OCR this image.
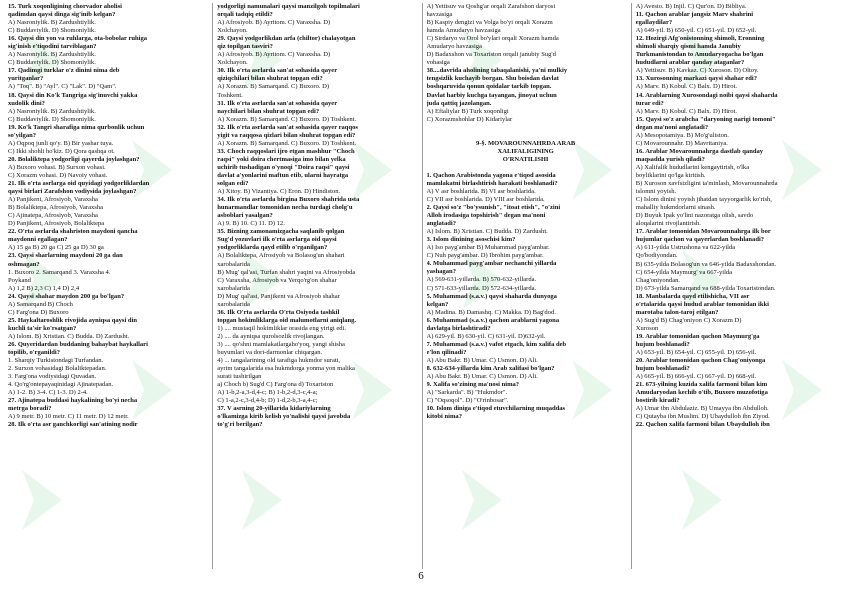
15. Turk xoqonligining chorvador aholisi
qadimdan qaysi dinga sig'inib kelgan?
A) Nasroniylik. B) Zardushtiylik.
C) Buddaviylik. D) Shomoniylik.
16. Qaysi din yon va ruhlarga, ota-bobolar ruhiga
sig'inish e'tiqodini tarviblagan?
A) Nasroniylik. B) Zardushtiylik.
C) Buddaviylik. D) Shomoniylik.
17. Qadimgi turklar o'z dinini nima deb
yuritganlar?
A) "Toq". B) "Ayl". C) "Lak". D) "Qam".
18. Qaysi din Ko'k Tangriga sig'inuvchi yakka
xudolik dini?
A) Nasroniylik. B) Zardushtiylik.
C) Buddaviylik. D) Shomoniylik.
19. Ko'k Tangri sharafiga nima qurbonlik uchun
so'yilgan?
A) Oqpoq junli qo'y. B) Bir yashar tuya.
C) Ikki shohli ho'kiz. D) Qora qashqa ot.
20. Bolaliktepa yodgorligi qayerda joylashgan?
A) Buxoro vohasi. B) Surxon vohasi.
C) Xorazm vohasi. D) Navoiy vohasi.
21. Ilk o'rta asrlarga oid quyidagi yodgorliklardan
qaysi birlari Zarafshon vodiysida joylashgan?
A) Panjikent, Afrosiyob, Varaxsha
B) Bolaliktepa, Afrosiyob, Varaxsha
C) Ajinatepa, Afrosiyob, Varaxsha
D) Panjikent, Afrosiyob, Bolaliktepa
22. O'rta asrlarda shahriston maydoni qancha
maydonni egallagan?
A) 15 ga B) 20 ga C) 25 ga D) 30 ga
23. Qaysi sharlarning maydoni 20 ga dan
oshmagan?
1. Buxoro 2. Samarqand 3. Varaxsha 4.
Poykand
A) 1,2 B) 2,3 C) 1,4 D) 2,4
24. Qaysi shahar maydon 200 ga bo'lgan?
A) Samarqand B) Choch
C) Farg'ona D) Buxoro
25. Haykaltaroshlik rivojida ayniqsa qaysi din
kuchli ta'sir ko'rsatgan?
A) Islom. B) Xristian. C) Budda. D) Zardusht.
26. Quyeridardan buddaning bahaybat haykallari
topilib, o'rganildi?
1. Sharqiy Turkistondagi Turfandan.
2. Surxon vohasidagi Bolaliktepadan.
3. Farg'ona vodiysidagi Quvadan.
4. Qo'rg'ontepayaqinidagi Ajinatepadan.
A) 1-2. B) 3-4. C) 1-3. D) 2-4.
27. Ajinatepa buddasi haykalining bo'yi necha
metrga boradi?
A) 9 metr. B) 10 metr. C) 11 metr. D) 12 metr.
28. Ilk o'rta asr ganchkorligi san'atining nodir
yodgorligi namunalari qaysi manzilgoh topilmalari
orqali tadqiq etildi?
A) Afrosiyob. B) Ayritom. C) Varaxsha. D)
Xolchayon.
29. Qaysi yodgorlikdan arfa (chiltor) chalayotgan
qiz topilgan tasviri?
A) Afrosiyob. B) Ayritom. C) Varaxsha. D)
Xolchayon.
30. Ilk o'rta asrlarda san'at sohasida qayer
qiziqchilari bilan shuhrat topgan edi?
A) Xorazm. B) Samarqand. C) Buxoro. D)
Toshkent.
31. Ilk o'rta asrlarda san'at sohasida qayer
naychilari bilan shuhrat topgan edi?
A) Xorazm. B) Samarqand. C) Buxoro. D) Toshkent.
32. Ilk o'rta asrlarda san'at sohasida qayer raqqos
yigit va raqqosa qizlari bilan shuhrat topgan edi?
A) Xorazm. B) Samarqand. C) Buxoro. D) Toshkent.
33. Choch raqqoslari ijro etgan mashhur "Choch
raqsi" yoki doira chertmasiga imo bilan yelka
uchirib tushadigan o'ynoqi "Doira raqsi" qaysi
davlat a'yonlarini maftun etib, ularni hayratga
solgan edi?
A) Xitoy. B) Vizantiya. C) Eron. D) Hindiston.
34. Ilk o'rta asrlarda birgina Buxoro shahrida usta
hunarmandlar tomonidan necha turdagi cholg'u
asboblari yasalgan?
A) 9. B) 10. C) 11. D) 12.
35. Bizning zamonamizgacha saqlanib qolgan
Sug'd yozuvlari ilk o'rta asrlarga oid qaysi
yodgorliklarda qayd etilib o'rganilgan?
A) Bolaliktepa, Afrosiyob va Bolasog'un shahari
xarobalarida
B) Mug' qal'asi, Turfan shahri yaqini va Afrosiyobda
C) Varaxsha, Afrosiyob va Yerqo'rg'on shahar
xarobalarida
D) Mug' qal'asi, Panjikent va Afrosiyob shahar
xarobalarida
36. Ilk O'rta asrlarda O'rta Osiyoda tashkil
topgan hokimliklarga oid malumotlarni aniqlang.
1) .... mustaqil hokimliklar orasida eng yirigi edi.
2) .... da ayniqsa qurolsozlik rivojlangan.
3) .... qo'shni mamlakatlargaho'yoq, yangi shisha
buyumlari va dori-darmonlar chiqargan.
4) ... tangalarining old tarafiga hukmdor surati,
ayrim tangalarida esa hukmdorga yonma yon malika
surati tushirilgan
a) Choch b) Sug'd C) Farg'ona d) Toxariston
A) 1-b,2-a,3-d,4-c; B) 1-b,2-d,3-c,4-a;
C) 1-a,2-c,3-d,4-b; D) 1-d,2-b,3-a,4-c;
37. V asrning 20-yillarida kidariylarning
o'lkamizga kirib kelish yo'nalishi qaysi javobda
to'g'ri berilgan?
A) Yettisuv va Qoshg'ar orqali Zarafshon daryosi
havzasiga
B) Kaspiy dengizi va Volga bo'yi orqali Xorazm
hamda Amudaryo havzasiga
C) Sirdaryo va Orol bo'ylari orqali Xorazm hamda
Amudaryo havzasiga
D) Badaxshon va Toxariston orqali janubiy Sug'd
vohasiga
38....davrida aholining tabaqalanishi, ya'ni mulkiy
tengsizlik kuchayib borgan. Shu boisdan davlat
boshqaruvida qonun qoidalar tarkib topgan.
Davlat harbiy kuchga tayangan, jinoyat uchun
juda qattiq jazolangan.
A) Eftaliylar B) Turk xoqonligi
C) Xorazmshohlar D) Kidariylar
9-§. MOVAROUNNAHRDA ARAB
XALIFALIGINING
O'RNATILISHI
1. Qachon Arabistonda yagona e'tiqod asosida
mamlakatni birlashtirish harakati boshlanadi?
A) V asr boshlarida. B) VI asr boshlarida.
C) VII asr boshlarida. D) VIII asr boshlarida.
2. Qaysi so'z "bo'ysunish", "itoat etish", "o'zini
Alloh irodasiga topshirish" degan ma'noni
anglatadi?
A) Islom. B) Xristian. C) Budda. D) Zardusht.
3. Islom dinining asoschisi kim?
A) Iso payg'ambar B) Muhammad payg'ambar.
C) Nuh payg'ambar. D) Ibrohim payg'ambar.
4. Muhammad payg'ambar nechanchi yillarda
yashagan?
A) 569-631-yillarda. B) 570-632-yillarda.
C) 571-633-yillarda. D) 572-634-yillarda.
5. Muhammad (s.a.v.) qaysi shaharda dunyoga
kelgan?
A) Madina. B) Damashq. C) Makka. D) Bag'dod.
6. Muhammad (s.a.v.) qachon arablarni yagona
davlatga birlashtiradi?
A) 629-yil. B) 630-yil. C) 631-yil. D)632-yil.
7. Muhammad (s.a.v.) vafot etgach, kim xalifa deb
e'lon qilinadi?
A) Abu Bakr. B) Umar. C) Usmon. D) Ali.
8. 632-634-yillarda kim Arab xalifasi bo'lgan?
A) Abu Bakr. B) Umar. C) Usmon. D) Ali.
9. Xalifa so'zining ma'nosi nima?
A) "Sarkarda". B) "Hukmdor".
C) "Oqsoqol". D) "O'rinbosar".
10. Islom diniga e'tiqod etuvchilarning muqaddas
kitobi nima?
A) Avesto. B) Injil. C) Qur'on. D) Bibliya.
11. Qachon arablar jangsiz Marv shahrini
egallaydilar?
A) 649-yil. B) 650-yil. C) 651-yil. D) 652-yil.
12. Hozirgi Afg'onistonning shimoli, Eronning
shimoli sharqiy qismi hamda Janubiy
Turkmanistondan to Amudaryogacha bo'lgan
hududlarni arablar qanday ataganlar?
A) Yettisuv. B) Kavkaz. C) Xuroson. D) Oltoy.
13. Xurosonning markazi qaysi shahar edi?
A) Marv. B) Kobul. C) Balx. D) Hirot.
14. Arablarning Xurosondagi noibi qaysi shaharda
turar edi?
A) Marv. B) Kobul. C) Balx. D) Hirot.
15. Qaysi so'z arabcha "daryoning narigi tomoni"
degan ma'noni anglatadi?
A) Mesopotamiya. B) Mo'g'uliston.
C) Movarounnahr. D) Mavritaniya.
16. Arablar Movarounnahrga dastlab qanday
maqsadda yurish qiladi?
A) Xalifalik hududlarini kengaytirish, o'lka
boyliklarini qo'lga kiritish.
B) Xuroson xavfsizligini ta'minlash, Movarounnahrda
islomni yoyish.
C) Islom dinini yoyish jihatdan tayyorgarlik ko'rish,
mahalliy hukmdorlarni sinash.
D) Buyuk Ipak yo'lini nazoratga olish, savdo
aloqalarini rivojlantirish.
17. Arablar tomonidan Movarounnahrga ilk bor
hujumlar qachon va qayerlardan boshlanadi?
A) 611-yilda Ustrushona va 622-yilda
Qo'bodiyondan.
B) 635-yilda Bolasog'un va 646-yilda Badaxshondan.
C) 654-yilda Maymurg' va 667-yilda
Chag'oniyondan.
D) 673-yilda Samarqand va 688-yilda Toxaristondan.
18. Manbalarda qayd etilishicha, VII asr
o'rtalarida qaysi hudud arablar tomonidan ikki
marotaba talon-taroj etilgan?
A) Sug'd B) Chag'oniyon C) Xorazm D)
Xuroson
19. Arablar tomonidan qachon Maymurg'ga
hujum boshlanadi?
A) 653-yil. B) 654-yil. C) 655-yil. D) 656-yil.
20. Arablar tomonidan qachon Chag'oniyonga
hujum boshlanadi?
A) 665-yil. B) 666-yil. C) 667-yil. D) 668-yil.
21. 673-yilning kuzida xalifa farmoni bilan kim
Amudaryodan kechib o'tib, Buxoro muzofotiga
bostirib kiradi?
A) Umar ibn Abdulaziz. B) Umayya ibn Abdulloh.
C) Qutayba ibn Muslim. D) Ubaydulloh ibn Ziyod.
22. Qachon xalifa farmoni bilan Ubaydulloh ibn
6
